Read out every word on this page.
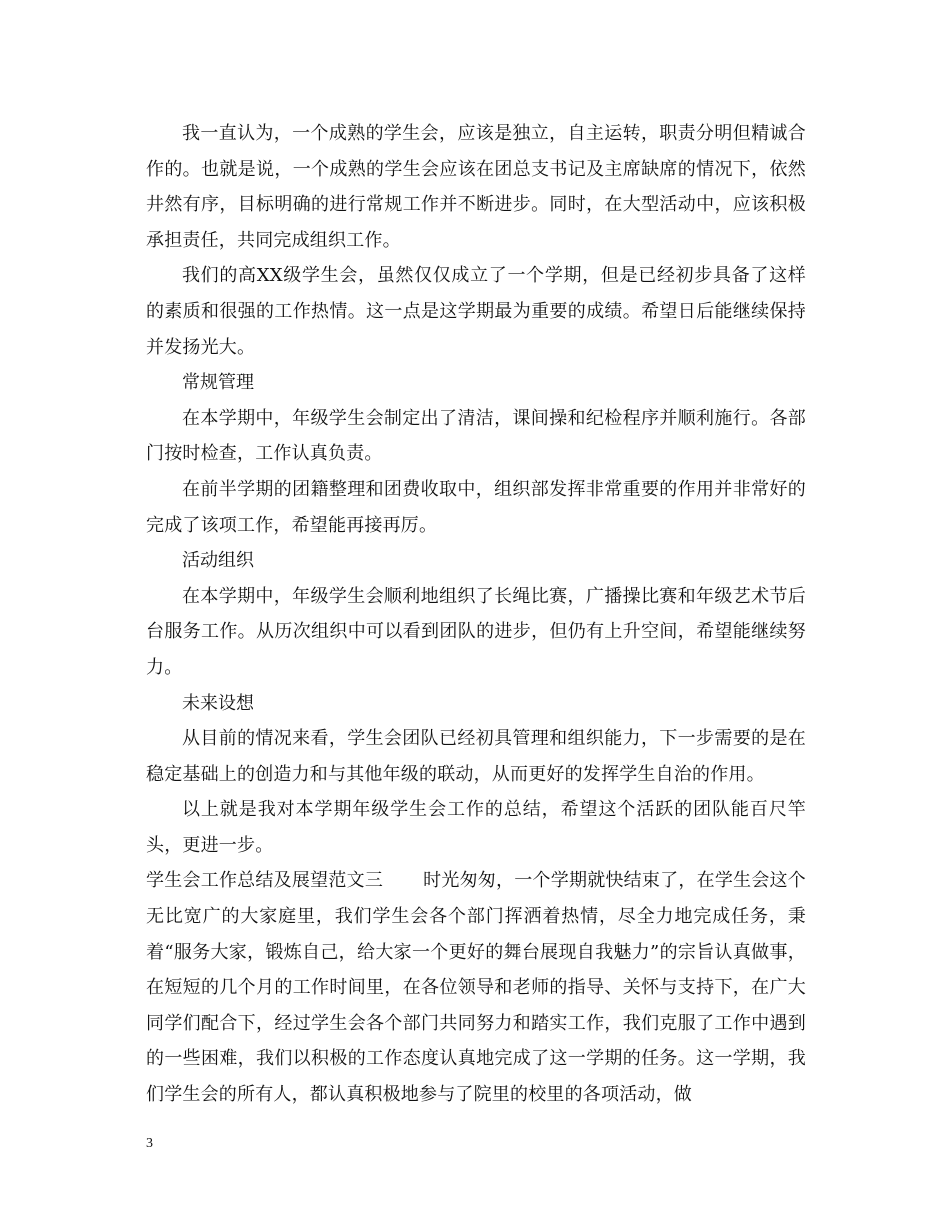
我一直认为，一个成熟的学生会，应该是独立，自主运转，职责分明但精诚合作的。也就是说，一个成熟的学生会应该在团总支书记及主席缺席的情况下，依然井然有序，目标明确的进行常规工作并不断进步。同时，在大型活动中，应该积极承担责任，共同完成组织工作。

我们的高XX级学生会，虽然仅仅成立了一个学期，但是已经初步具备了这样的素质和很强的工作热情。这一点是这学期最为重要的成绩。希望日后能继续保持并发扬光大。

常规管理

在本学期中，年级学生会制定出了清洁，课间操和纪检程序并顺利施行。各部门按时检查，工作认真负责。

在前半学期的团籍整理和团费收取中，组织部发挥非常重要的作用并非常好的完成了该项工作，希望能再接再厉。

活动组织

在本学期中，年级学生会顺利地组织了长绳比赛，广播操比赛和年级艺术节后台服务工作。从历次组织中可以看到团队的进步，但仍有上升空间，希望能继续努力。

未来设想

从目前的情况来看，学生会团队已经初具管理和组织能力，下一步需要的是在稳定基础上的创造力和与其他年级的联动，从而更好的发挥学生自治的作用。

以上就是我对本学期年级学生会工作的总结，希望这个活跃的团队能百尺竿头，更进一步。

学生会工作总结及展望范文三 时光匆匆，一个学期就快结束了，在学生会这个无比宽广的大家庭里，我们学生会各个部门挥洒着热情，尽全力地完成任务，秉着“服务大家，锻炼自己，给大家一个更好的舞台展现自我魅力”的宗旨认真做事，在短短的几个月的工作时间里，在各位领导和老师的指导、关怀与支持下，在广大同学们配合下，经过学生会各个部门共同努力和踏实工作，我们克服了工作中遇到的一些困难，我们以积极的工作态度认真地完成了这一学期的任务。这一学期，我们学生会的所有人，都认真积极地参与了院里的校里的各项活动，做

3
